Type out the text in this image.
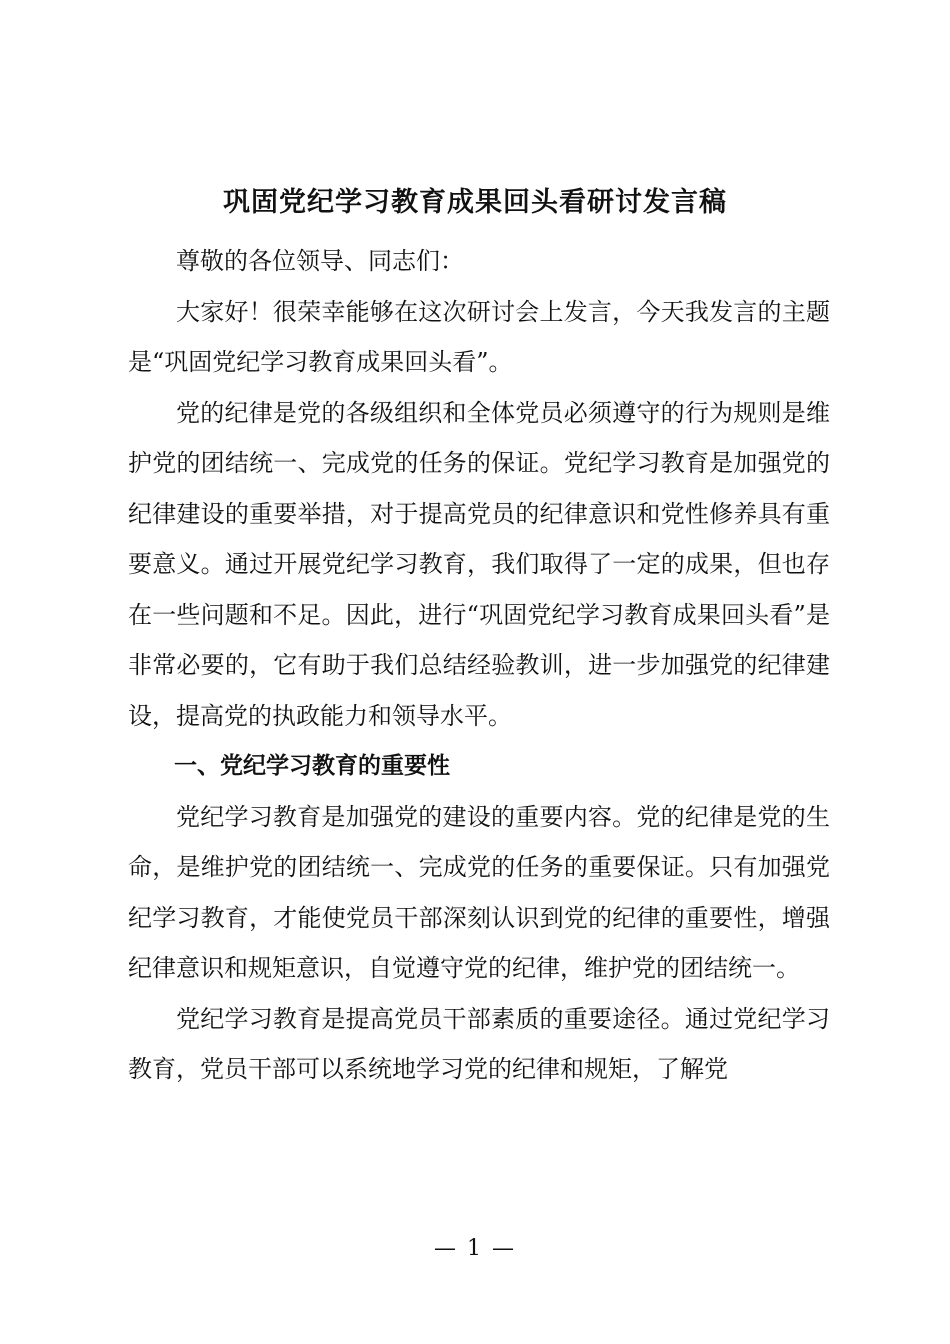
巩固党纪学习教育成果回头看研讨发言稿

尊敬的各位领导、同志们：

大家好！很荣幸能够在这次研讨会上发言，今天我发言的主题是“巩固党纪学习教育成果回头看”。

党的纪律是党的各级组织和全体党员必须遵守的行为规则是维护党的团结统一、完成党的任务的保证。党纪学习教育是加强党的纪律建设的重要举措，对于提高党员的纪律意识和党性修养具有重要意义。通过开展党纪学习教育，我们取得了一定的成果，但也存在一些问题和不足。因此，进行“巩固党纪学习教育成果回头看”是非常必要的，它有助于我们总结经验教训，进一步加强党的纪律建设，提高党的执政能力和领导水平。

一、党纪学习教育的重要性

党纪学习教育是加强党的建设的重要内容。党的纪律是党的生命，是维护党的团结统一、完成党的任务的重要保证。只有加强党纪学习教育，才能使党员干部深刻认识到党的纪律的重要性，增强纪律意识和规矩意识，自觉遵守党的纪律，维护党的团结统一。

党纪学习教育是提高党员干部素质的重要途径。通过党纪学习教育，党员干部可以系统地学习党的纪律和规矩，了解党

— 1 —
